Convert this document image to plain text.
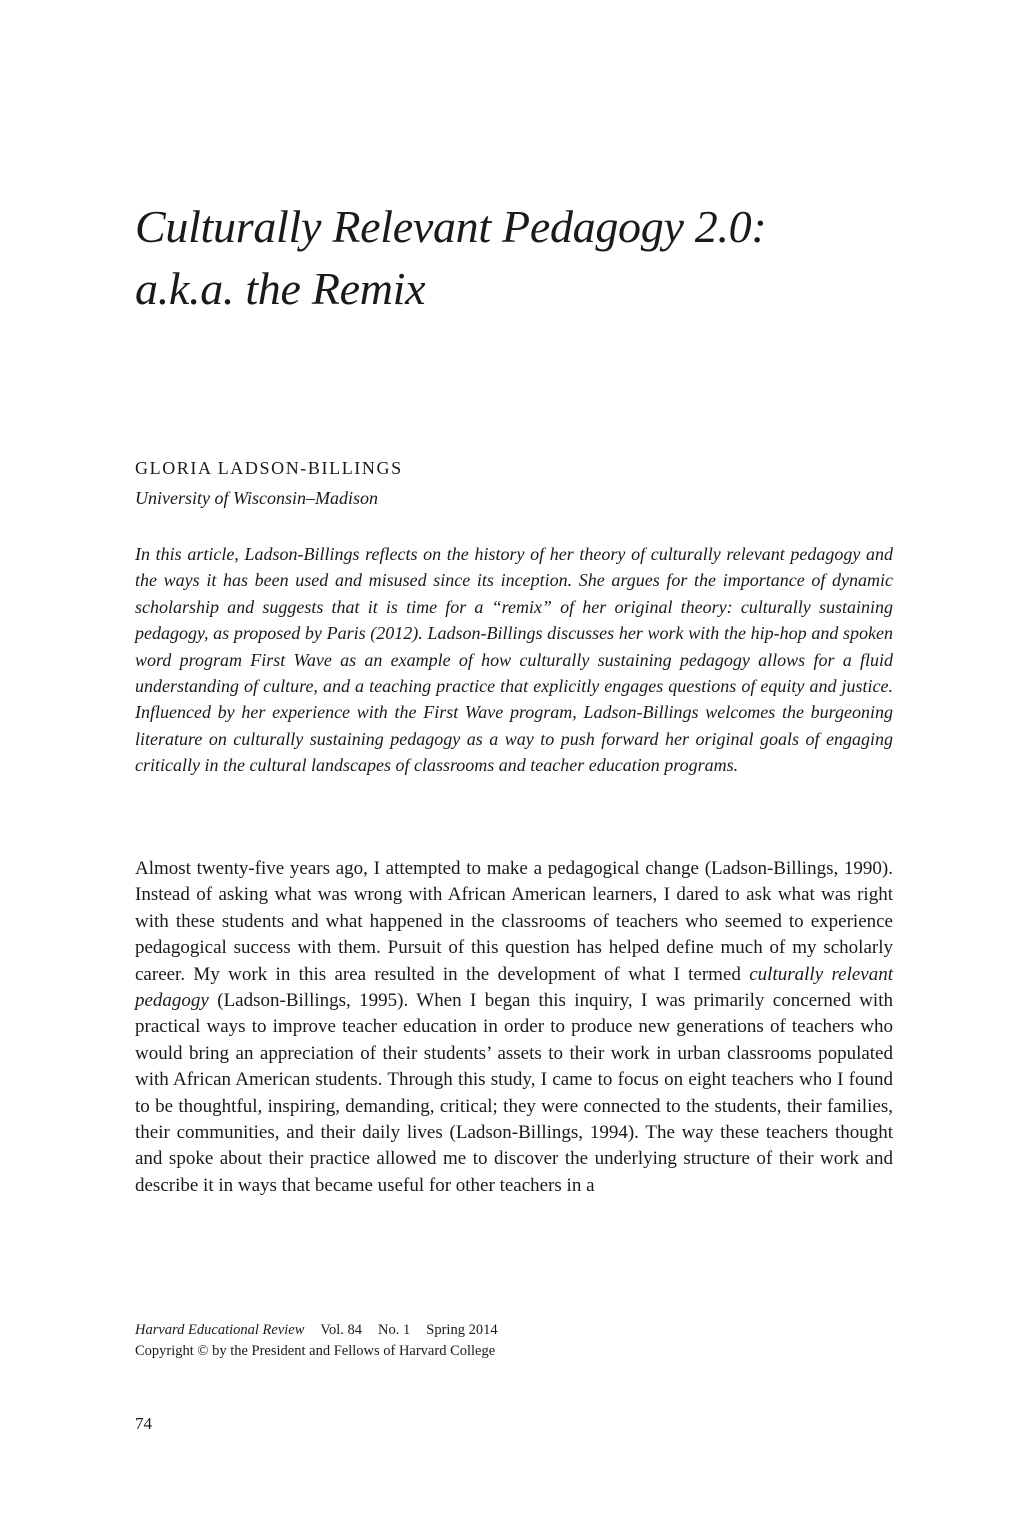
Culturally Relevant Pedagogy 2.0:
a.k.a. the Remix

GLORIA LADSON-BILLINGS

University of Wisconsin–Madison

In this article, Ladson-Billings reflects on the history of her theory of culturally relevant pedagogy and the ways it has been used and misused since its inception. She argues for the importance of dynamic scholarship and suggests that it is time for a “remix” of her original theory: culturally sustaining pedagogy, as proposed by Paris (2012). Ladson-Billings discusses her work with the hip-hop and spoken word program First Wave as an example of how culturally sustaining pedagogy allows for a fluid understanding of culture, and a teaching practice that explicitly engages questions of equity and justice. Influenced by her experience with the First Wave program, Ladson-Billings welcomes the burgeoning literature on culturally sustaining pedagogy as a way to push forward her original goals of engaging critically in the cultural landscapes of classrooms and teacher education programs.

Almost twenty-five years ago, I attempted to make a pedagogical change (Ladson-Billings, 1990). Instead of asking what was wrong with African American learners, I dared to ask what was right with these students and what happened in the classrooms of teachers who seemed to experience pedagogical success with them. Pursuit of this question has helped define much of my scholarly career. My work in this area resulted in the development of what I termed culturally relevant pedagogy (Ladson-Billings, 1995). When I began this inquiry, I was primarily concerned with practical ways to improve teacher education in order to produce new generations of teachers who would bring an appreciation of their students’ assets to their work in urban classrooms populated with African American students. Through this study, I came to focus on eight teachers who I found to be thoughtful, inspiring, demanding, critical; they were connected to the students, their families, their communities, and their daily lives (Ladson-Billings, 1994). The way these teachers thought and spoke about their practice allowed me to discover the underlying structure of their work and describe it in ways that became useful for other teachers in a

Harvard Educational Review Vol. 84 No. 1 Spring 2014
Copyright © by the President and Fellows of Harvard College

74
